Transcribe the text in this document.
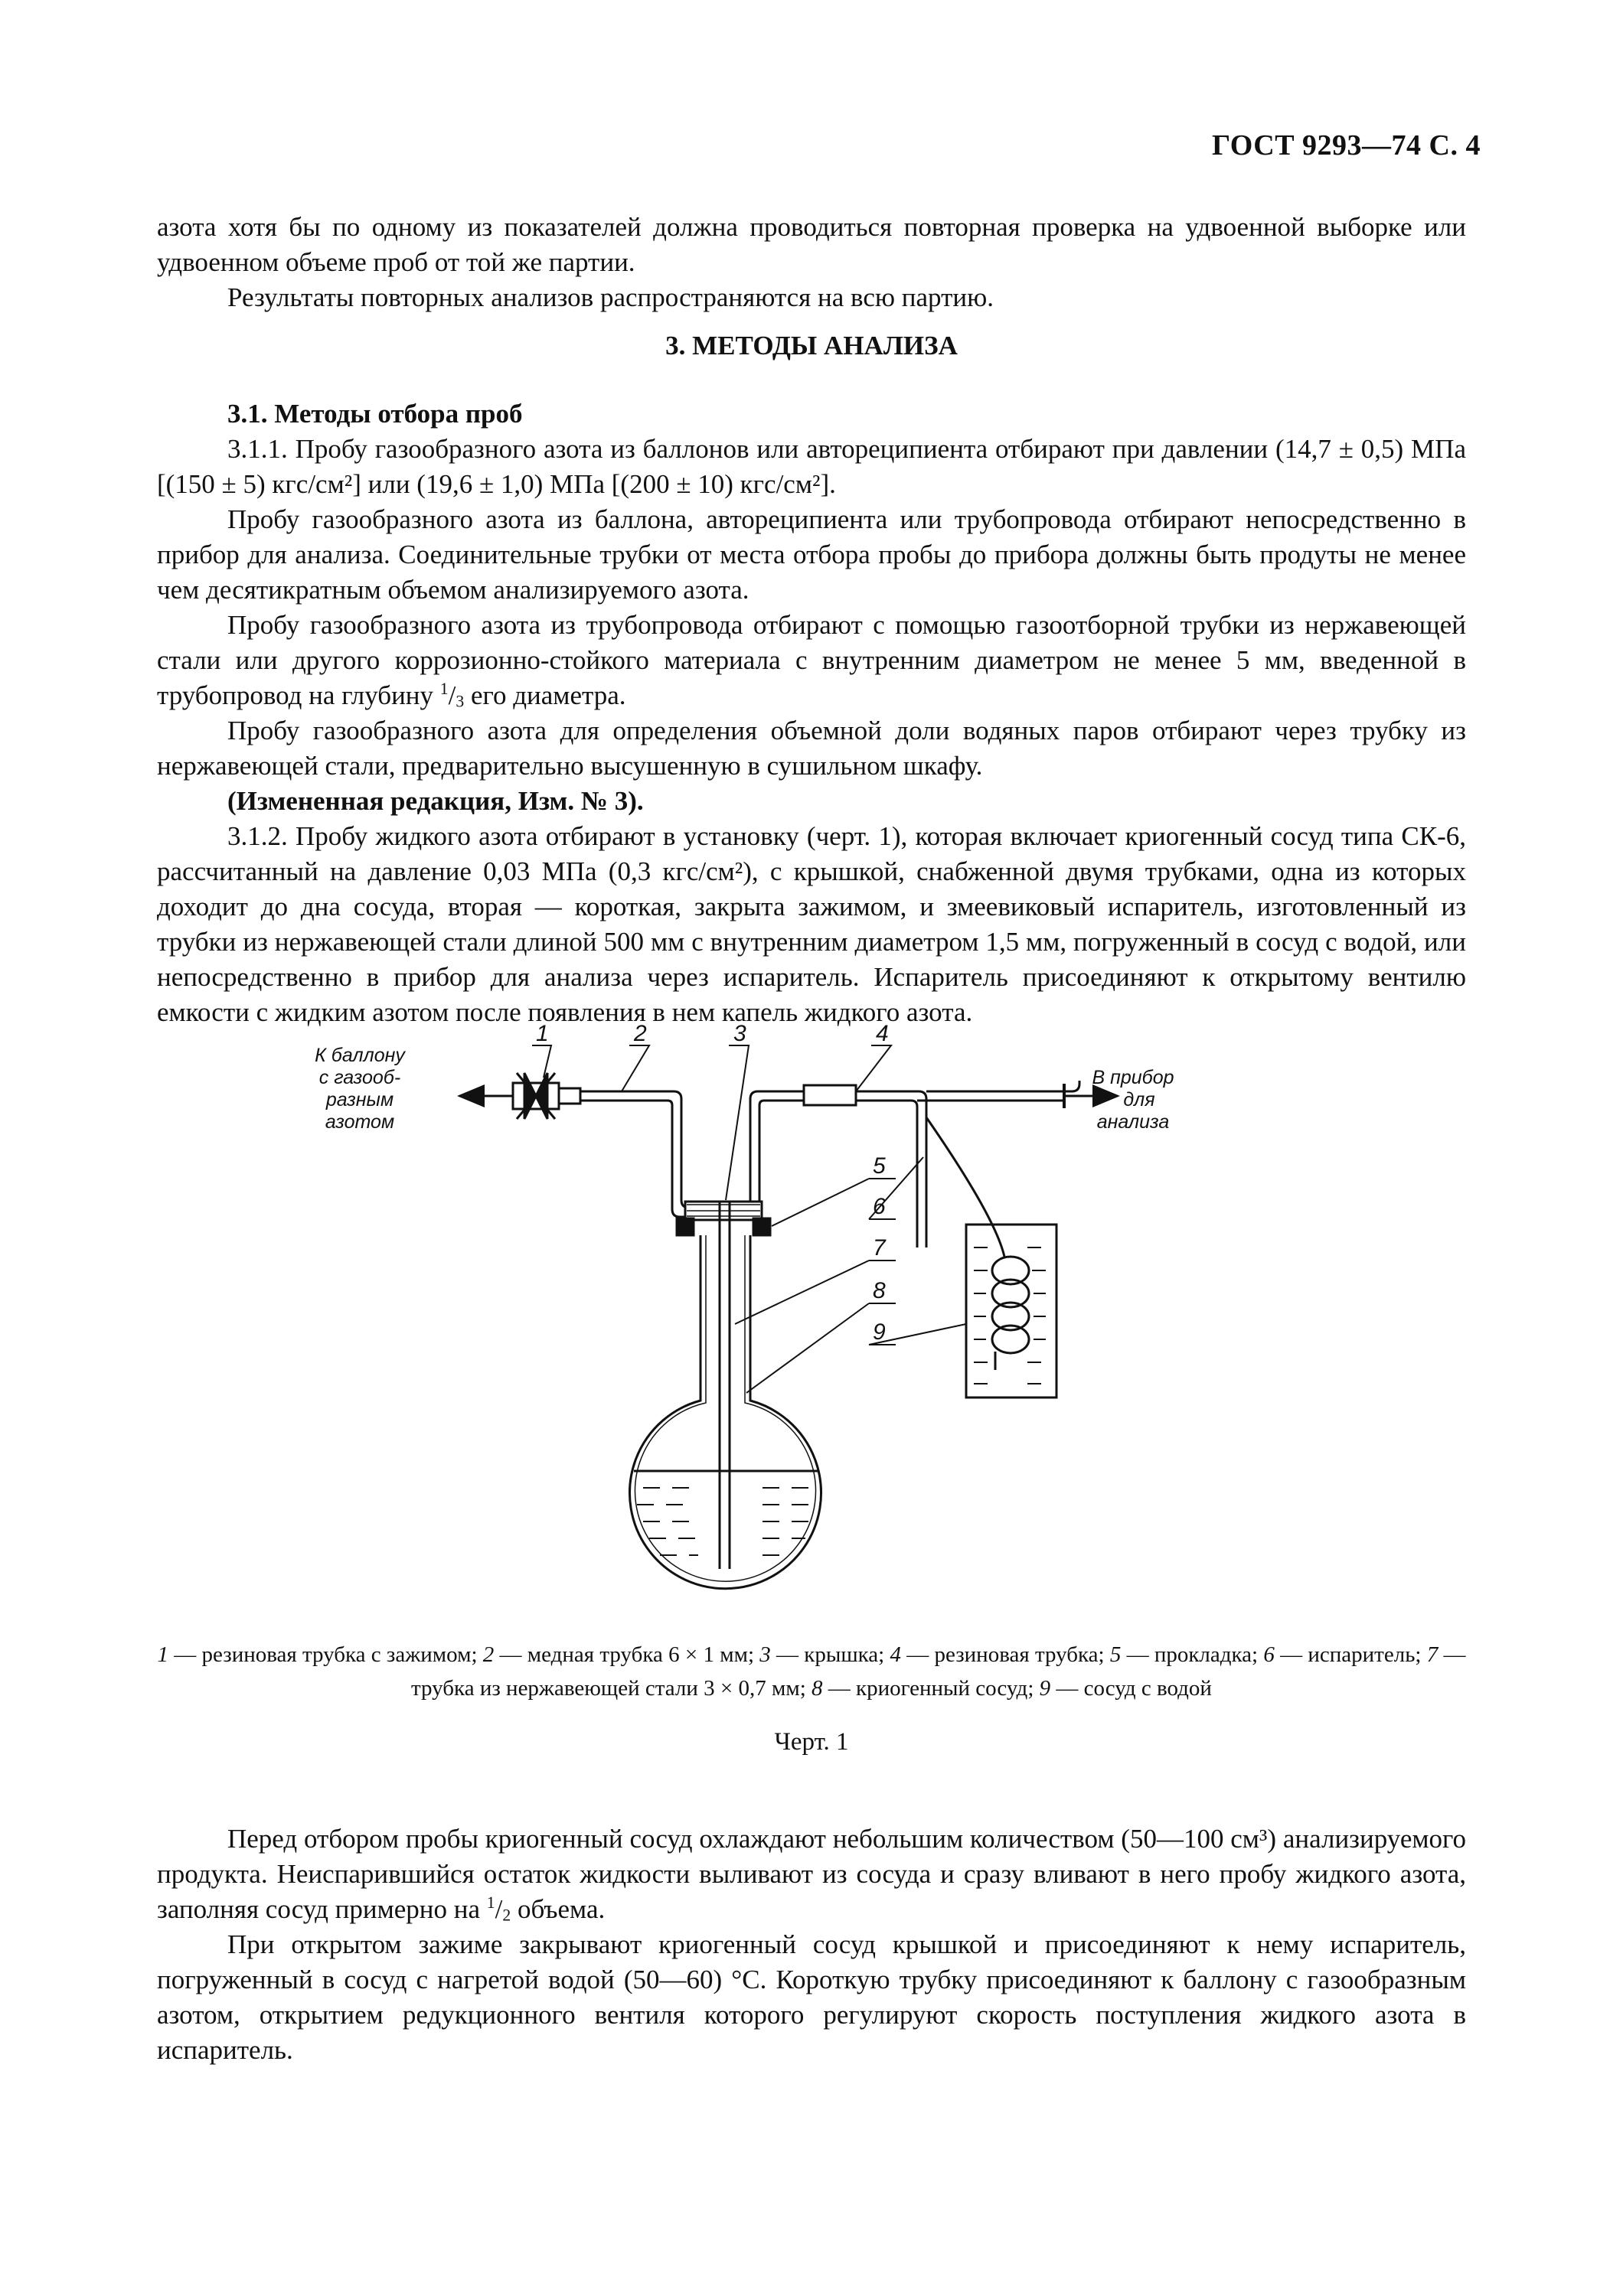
ГОСТ 9293—74 С. 4

азота хотя бы по одному из показателей должна проводиться повторная проверка на удвоенной выборке или удвоенном объеме проб от той же партии.

Результаты повторных анализов распространяются на всю партию.

3. МЕТОДЫ АНАЛИЗА

3.1. Методы отбора проб

3.1.1. Пробу газообразного азота из баллонов или автореципиента отбирают при давлении (14,7 ± 0,5) МПа [(150 ± 5) кгс/см²] или (19,6 ± 1,0) МПа [(200 ± 10) кгс/см²].

Пробу газообразного азота из баллона, автореципиента или трубопровода отбирают непосредственно в прибор для анализа. Соединительные трубки от места отбора пробы до прибора должны быть продуты не менее чем десятикратным объемом анализируемого азота.

Пробу газообразного азота из трубопровода отбирают с помощью газоотборной трубки из нержавеющей стали или другого коррозионно-стойкого материала с внутренним диаметром не менее 5 мм, введенной в трубопровод на глубину $^1/_3$ его диаметра.

Пробу газообразного азота для определения объемной доли водяных паров отбирают через трубку из нержавеющей стали, предварительно высушенную в сушильном шкафу.

(Измененная редакция, Изм. № 3).

3.1.2. Пробу жидкого азота отбирают в установку (черт. 1), которая включает криогенный сосуд типа СК-6, рассчитанный на давление 0,03 МПа (0,3 кгс/см²), с крышкой, снабженной двумя трубками, одна из которых доходит до дна сосуда, вторая — короткая, закрыта зажимом, и змеевиковый испаритель, изготовленный из трубки из нержавеющей стали длиной 500 мм с внутренним диаметром 1,5 мм, погруженный в сосуд с водой, или непосредственно в прибор для анализа через испаритель. Испаритель присоединяют к открытому вентилю емкости с жидким азотом после появления в нем капель жидкого азота.

К баллону
с газооб-
разным
азотом
В прибор
для
анализа
1	2	3	4
5
6
7
8
9
1 — резиновая трубка с зажимом; 2 — медная трубка 6 × 1 мм; 3 — крышка; 4 — резиновая трубка; 5 — прокладка; 6 — испаритель; 7 — трубка из нержавеющей стали 3 × 0,7 мм; 8 — криогенный сосуд; 9 — сосуд с водой
Черт. 1

Перед отбором пробы криогенный сосуд охлаждают небольшим количеством (50—100 см³) анализируемого продукта. Неиспарившийся остаток жидкости выливают из сосуда и сразу вливают в него пробу жидкого азота, заполняя сосуд примерно на $^1/_2$ объема.

При открытом зажиме закрывают криогенный сосуд крышкой и присоединяют к нему испаритель, погруженный в сосуд с нагретой водой (50—60) °С. Короткую трубку присоединяют к баллону с газообразным азотом, открытием редукционного вентиля которого регулируют скорость поступления жидкого азота в испаритель.
